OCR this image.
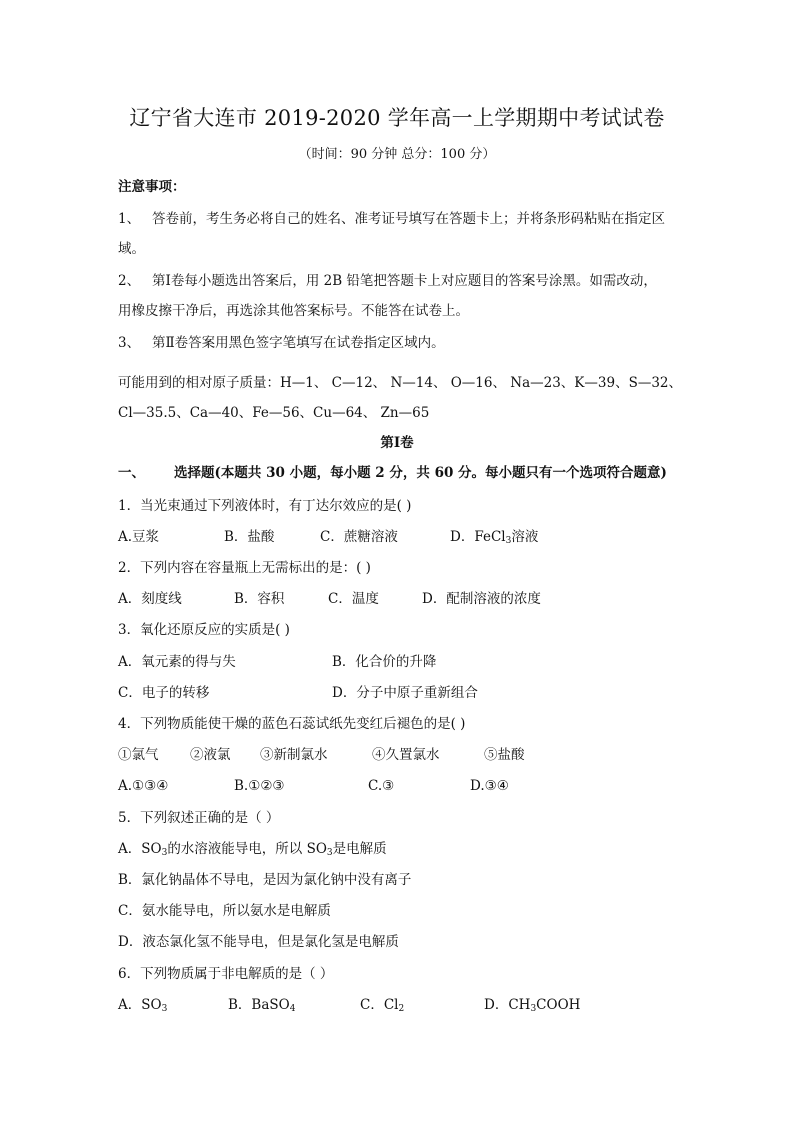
辽宁省大连市 2019-2020 学年高一上学期期中考试试卷
（时间：90 分钟 总分：100 分）
注意事项：
1、 答卷前，考生务必将自己的姓名、准考证号填写在答题卡上；并将条形码粘贴在指定区
域。
2、 第Ⅰ卷每小题选出答案后，用 2B 铅笔把答题卡上对应题目的答案号涂黑。如需改动，
用橡皮擦干净后，再选涂其他答案标号。不能答在试卷上。
3、 第Ⅱ卷答案用黑色签字笔填写在试卷指定区域内。
可能用到的相对原子质量：H—1、 C—12、 N—14、 O—16、 Na—23、K—39、S—32、
Cl—35.5、Ca—40、Fe—56、Cu—64、 Zn—65
第Ⅰ卷
一、 选择题(本题共 30 小题，每小题 2 分，共 60 分。每小题只有一个选项符合题意)
1．当光束通过下列液体时，有丁达尔效应的是( )
A.豆浆	B．盐酸	C．蔗糖溶液	D．FeCl$_3$溶液
2．下列内容在容量瓶上无需标出的是：( )
A．刻度线	B．容积	C．温度	D．配制溶液的浓度
3．氧化还原反应的实质是( )
A．氧元素的得与失	B．化合价的升降
C．电子的转移	D．分子中原子重新组合
4．下列物质能使干燥的蓝色石蕊试纸先变红后褪色的是( )
①氯气 ②液氯 ③新制氯水	④久置氯水	⑤盐酸
A.①③④	B.①②③	C.③	D.③④
5．下列叙述正确的是（ ）
A．$SO_3$的水溶液能导电，所以 $SO_3$是电解质
B．氯化钠晶体不导电，是因为氯化钠中没有离子
C．氨水能导电，所以氨水是电解质
D．液态氯化氢不能导电，但是氯化氢是电解质
6．下列物质属于非电解质的是（ ）
A．$SO_3$	B．BaSO$_4$	C．$Cl_2$	D．$CH_3COOH$
